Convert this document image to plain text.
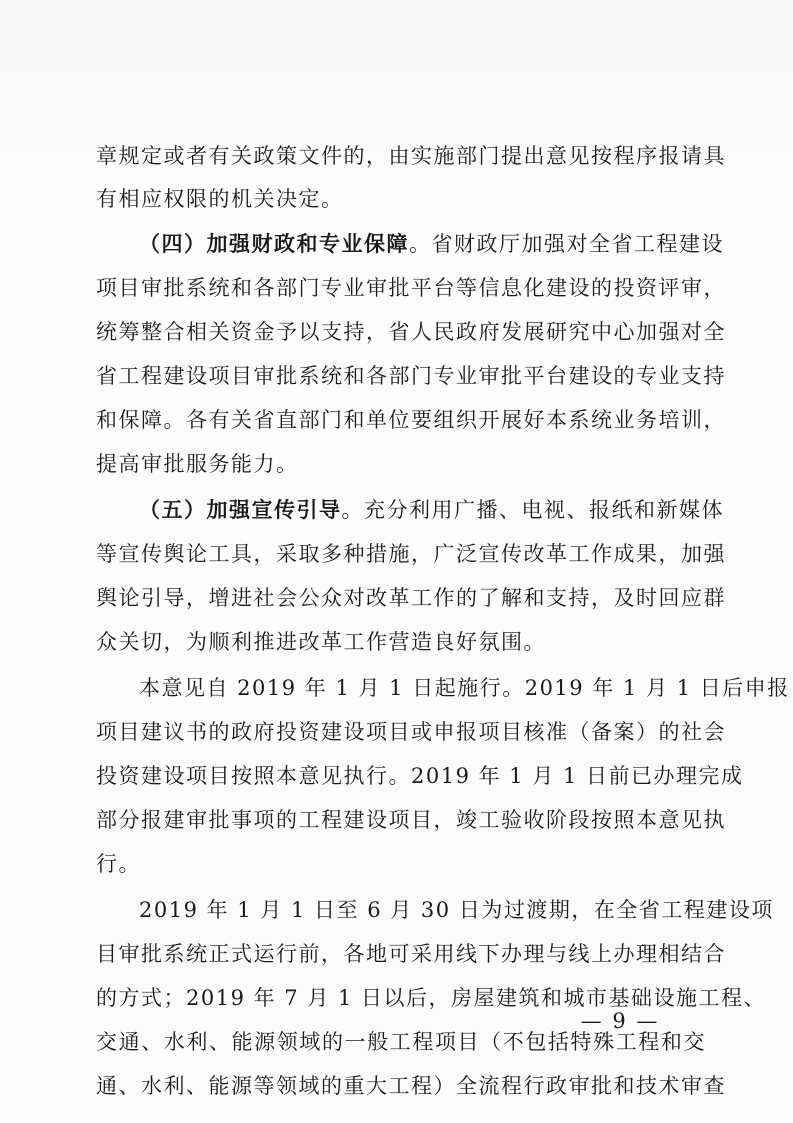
章规定或者有关政策文件的，由实施部门提出意见按程序报请具
有相应权限的机关决定。
（四）加强财政和专业保障。省财政厅加强对全省工程建设
项目审批系统和各部门专业审批平台等信息化建设的投资评审，
统筹整合相关资金予以支持，省人民政府发展研究中心加强对全
省工程建设项目审批系统和各部门专业审批平台建设的专业支持
和保障。各有关省直部门和单位要组织开展好本系统业务培训，
提高审批服务能力。
（五）加强宣传引导。充分利用广播、电视、报纸和新媒体
等宣传舆论工具，采取多种措施，广泛宣传改革工作成果，加强
舆论引导，增进社会公众对改革工作的了解和支持，及时回应群
众关切，为顺利推进改革工作营造良好氛围。
本意见自 2019 年 1 月 1 日起施行。2019 年 1 月 1 日后申报
项目建议书的政府投资建设项目或申报项目核准（备案）的社会
投资建设项目按照本意见执行。2019 年 1 月 1 日前已办理完成
部分报建审批事项的工程建设项目，竣工验收阶段按照本意见执
行。
2019 年 1 月 1 日至 6 月 30 日为过渡期，在全省工程建设项
目审批系统正式运行前，各地可采用线下办理与线上办理相结合
的方式；2019 年 7 月 1 日以后，房屋建筑和城市基础设施工程、
交通、水利、能源领域的一般工程项目（不包括特殊工程和交
通、水利、能源等领域的重大工程）全流程行政审批和技术审查
— 9 —
